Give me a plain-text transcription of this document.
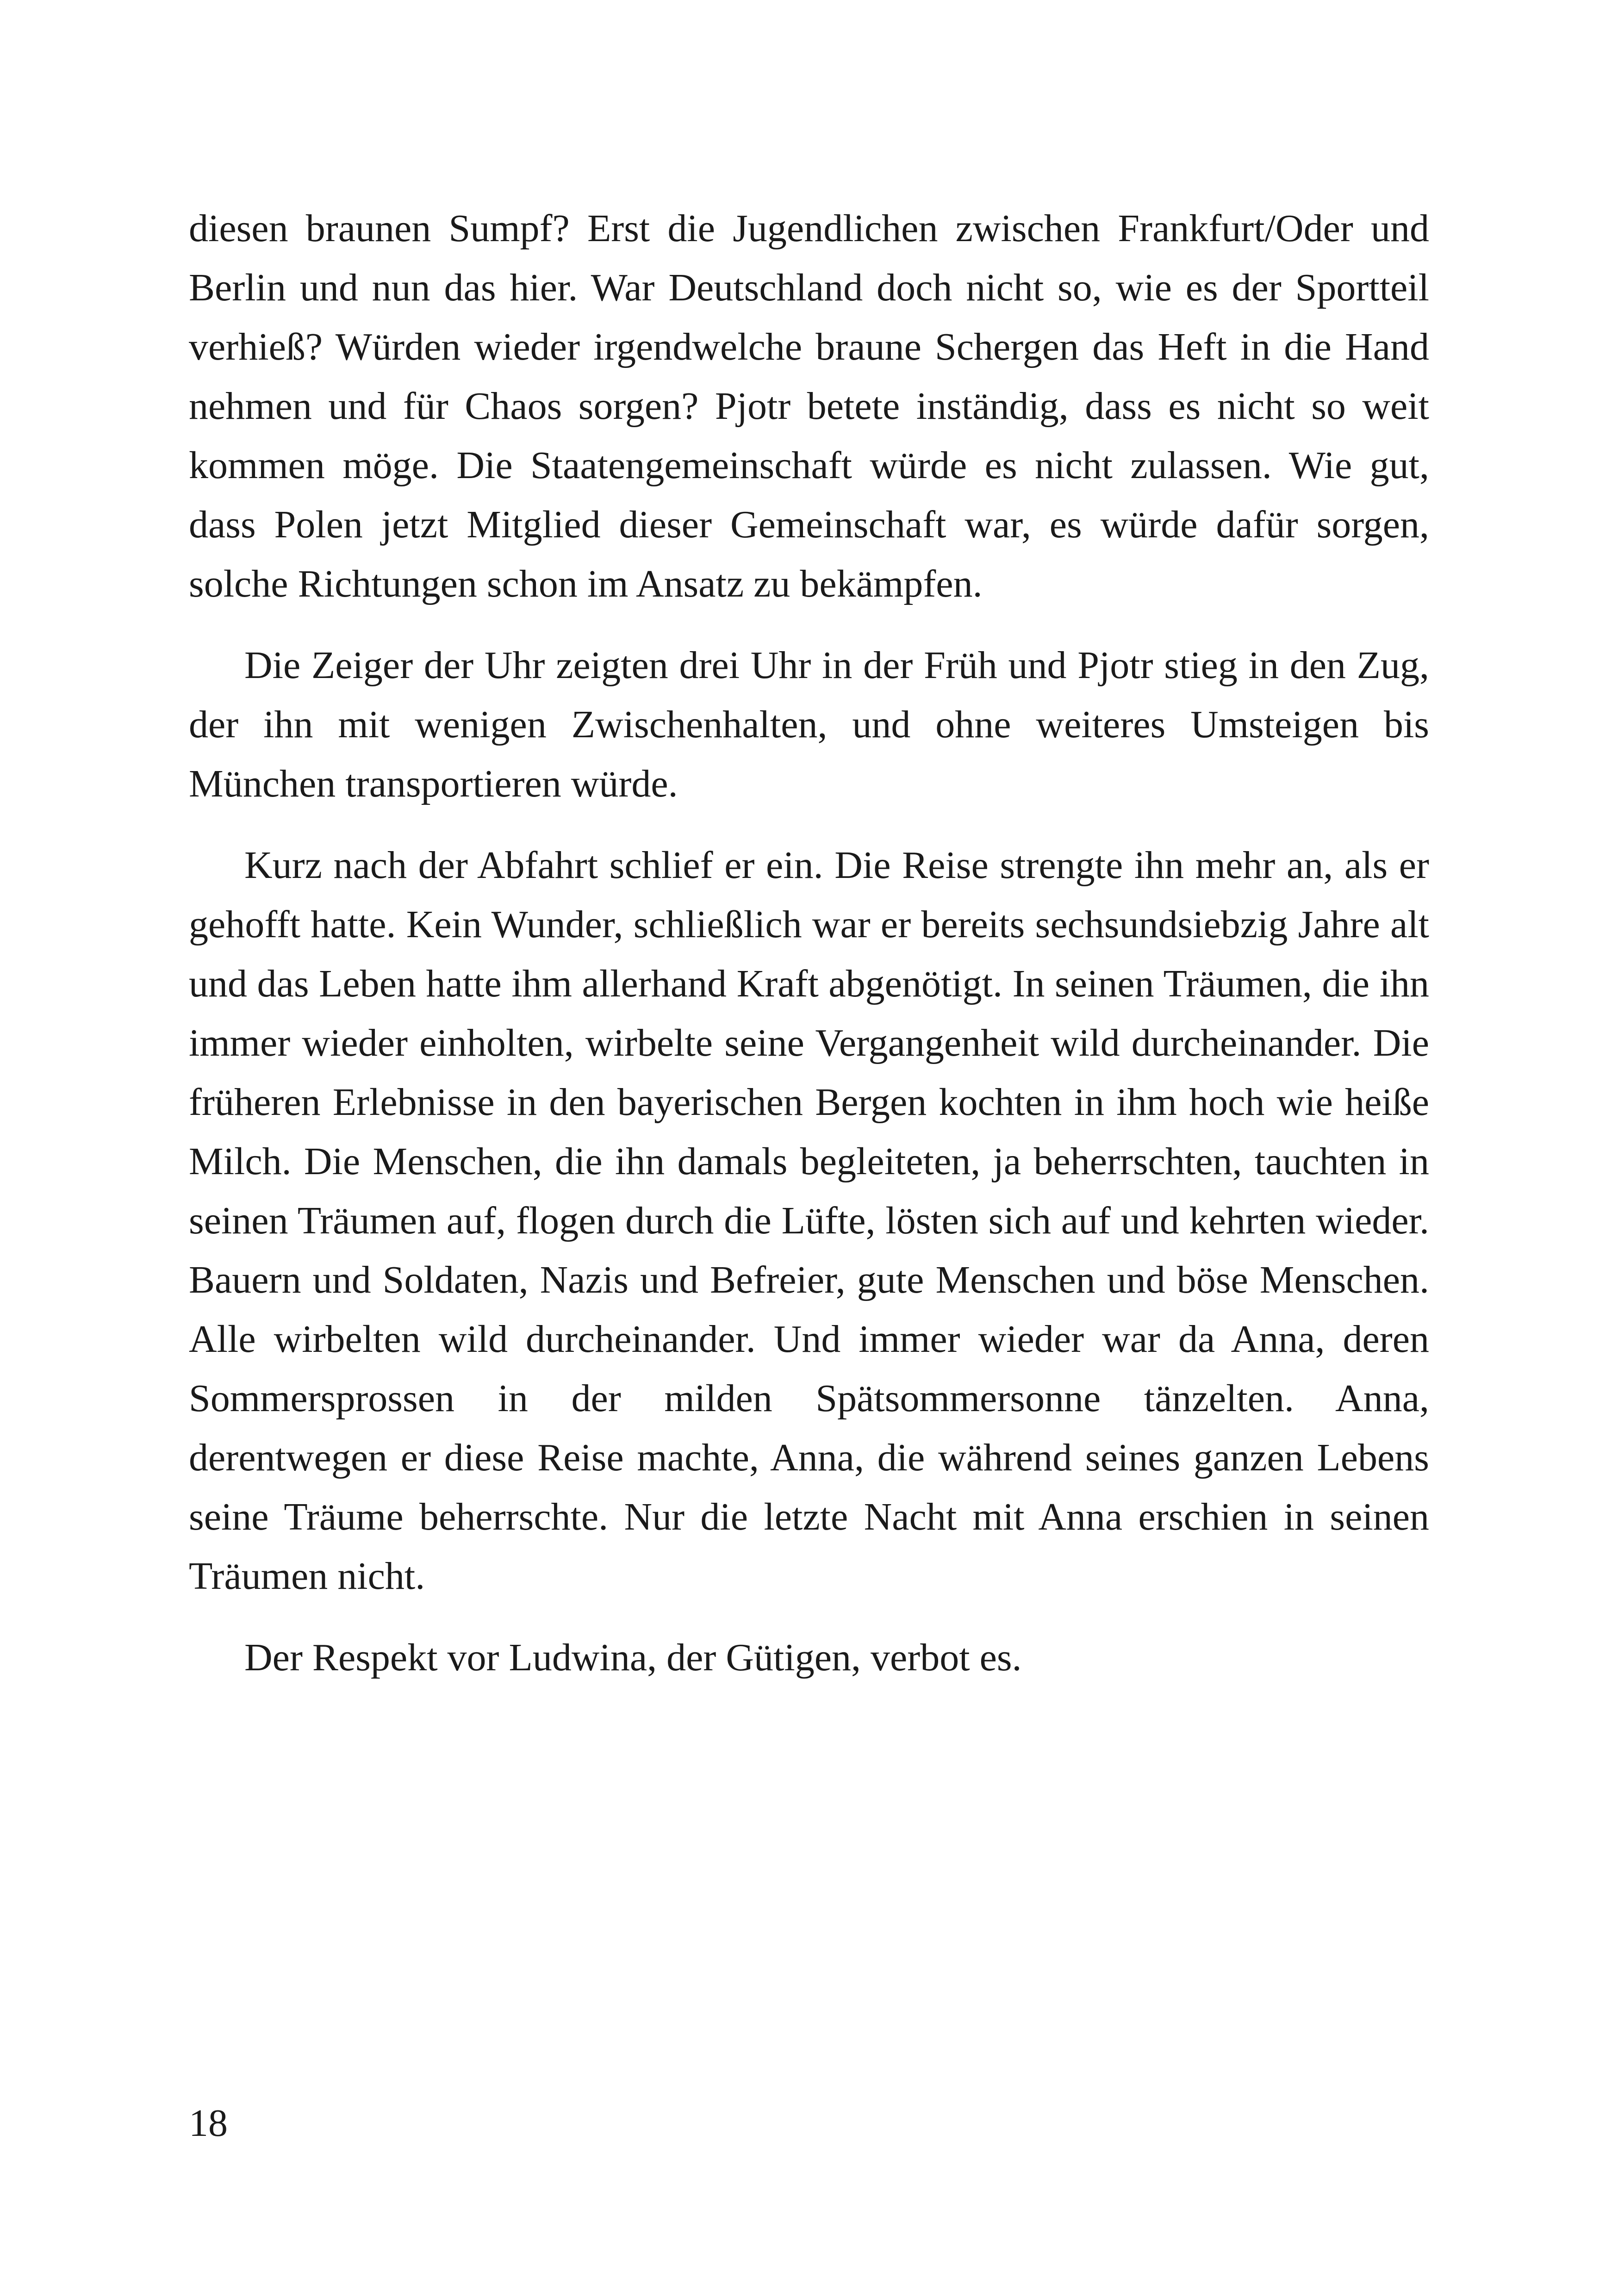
diesen braunen Sumpf? Erst die Jugendlichen zwischen Frankfurt/Oder und Berlin und nun das hier. War Deutschland doch nicht so, wie es der Sportteil verhieß? Würden wieder irgendwelche braune Schergen das Heft in die Hand nehmen und für Chaos sorgen? Pjotr betete inständig, dass es nicht so weit kommen möge. Die Staatengemeinschaft würde es nicht zulassen. Wie gut, dass Polen jetzt Mitglied dieser Gemeinschaft war, es würde dafür sorgen, solche Richtungen schon im Ansatz zu bekämpfen.

Die Zeiger der Uhr zeigten drei Uhr in der Früh und Pjotr stieg in den Zug, der ihn mit wenigen Zwischenhalten, und ohne weiteres Umsteigen bis München transportieren würde.

Kurz nach der Abfahrt schlief er ein. Die Reise strengte ihn mehr an, als er gehofft hatte. Kein Wunder, schließlich war er bereits sechsundsiebzig Jahre alt und das Leben hatte ihm allerhand Kraft abgenötigt. In seinen Träumen, die ihn immer wieder einholten, wirbelte seine Vergangenheit wild durcheinander. Die früheren Erlebnisse in den bayerischen Bergen kochten in ihm hoch wie heiße Milch. Die Menschen, die ihn damals begleiteten, ja beherrschten, tauchten in seinen Träumen auf, flogen durch die Lüfte, lösten sich auf und kehrten wieder. Bauern und Soldaten, Nazis und Befreier, gute Menschen und böse Menschen. Alle wirbelten wild durcheinander. Und immer wieder war da Anna, deren Sommersprossen in der milden Spätsommersonne tänzelten. Anna, derentwegen er diese Reise machte, Anna, die während seines ganzen Lebens seine Träume beherrschte. Nur die letzte Nacht mit Anna erschien in seinen Träumen nicht.

Der Respekt vor Ludwina, der Gütigen, verbot es.

18
